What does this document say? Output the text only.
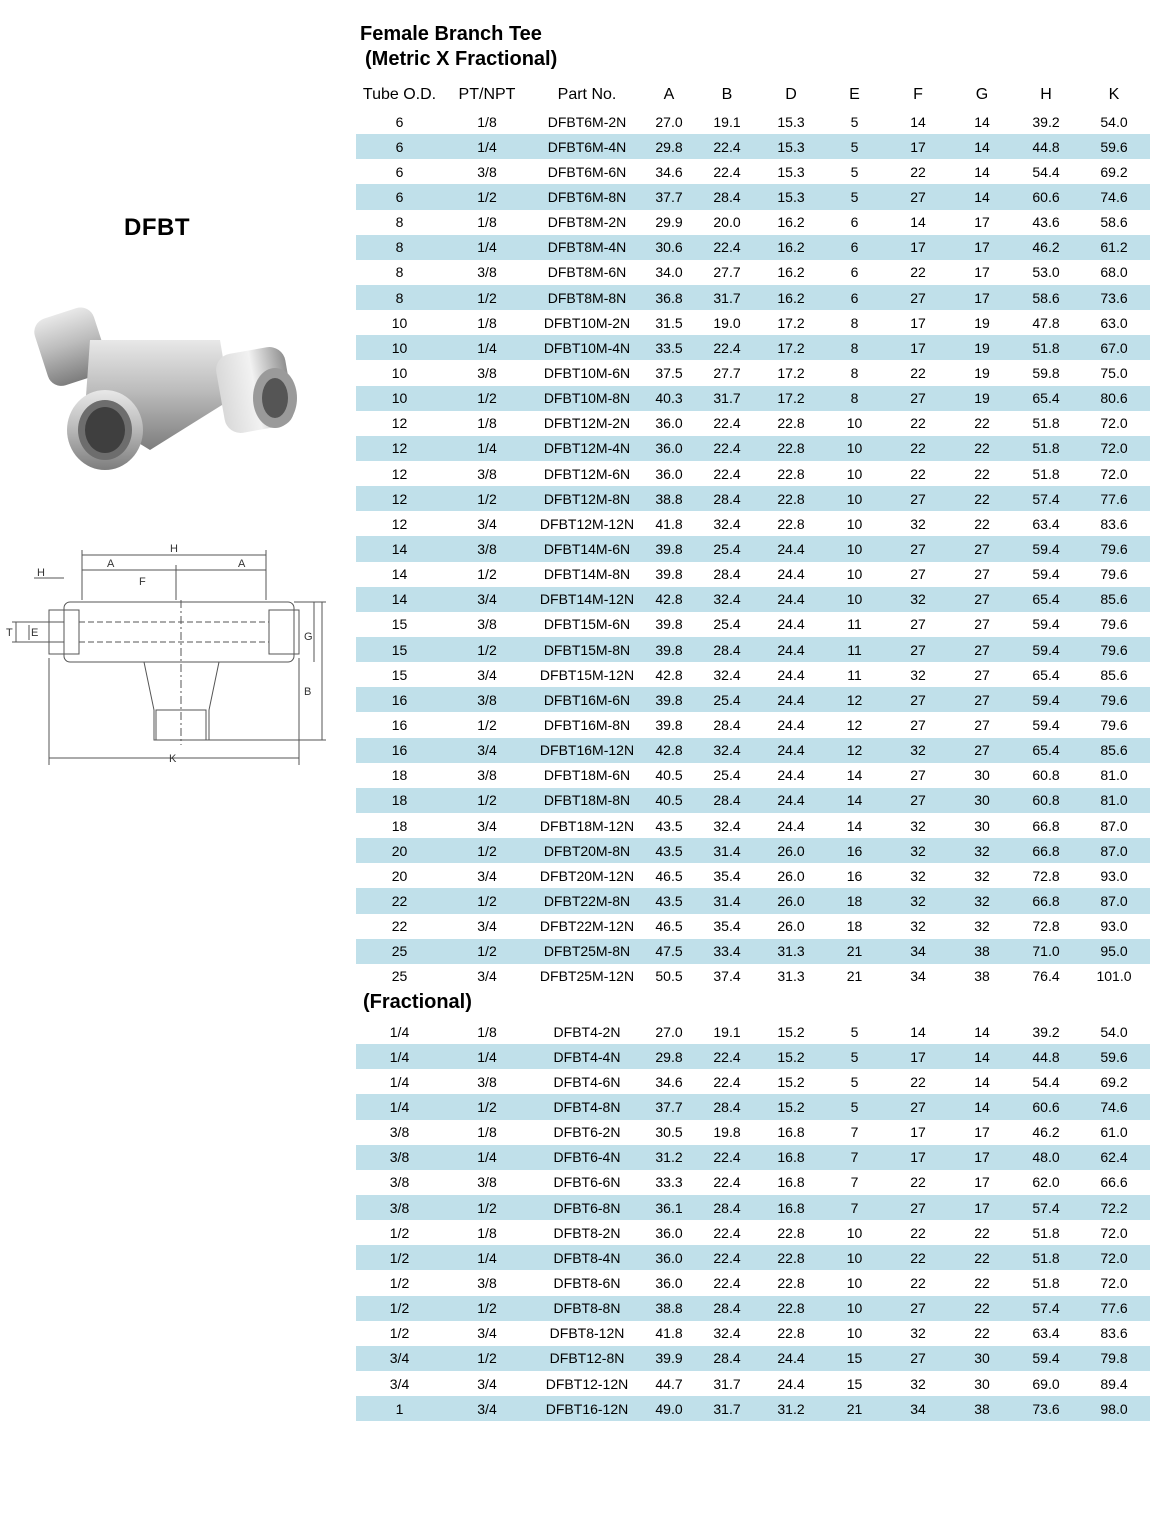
DFBT
H
A	A
F
H
T E	G
B
K
Female Branch Tee
(Metric X Fractional)
Tube O.D.	PT/NPT	Part No.	A	B	D	E	F	G	H	K
6	1/8	DFBT6M-2N	27.0	19.1	15.3	5	14	14	39.2	54.0
6	1/4	DFBT6M-4N	29.8	22.4	15.3	5	17	14	44.8	59.6
6	3/8	DFBT6M-6N	34.6	22.4	15.3	5	22	14	54.4	69.2
6	1/2	DFBT6M-8N	37.7	28.4	15.3	5	27	14	60.6	74.6
8	1/8	DFBT8M-2N	29.9	20.0	16.2	6	14	17	43.6	58.6
8	1/4	DFBT8M-4N	30.6	22.4	16.2	6	17	17	46.2	61.2
8	3/8	DFBT8M-6N	34.0	27.7	16.2	6	22	17	53.0	68.0
8	1/2	DFBT8M-8N	36.8	31.7	16.2	6	27	17	58.6	73.6
10	1/8	DFBT10M-2N	31.5	19.0	17.2	8	17	19	47.8	63.0
10	1/4	DFBT10M-4N	33.5	22.4	17.2	8	17	19	51.8	67.0
10	3/8	DFBT10M-6N	37.5	27.7	17.2	8	22	19	59.8	75.0
10	1/2	DFBT10M-8N	40.3	31.7	17.2	8	27	19	65.4	80.6
12	1/8	DFBT12M-2N	36.0	22.4	22.8	10	22	22	51.8	72.0
12	1/4	DFBT12M-4N	36.0	22.4	22.8	10	22	22	51.8	72.0
12	3/8	DFBT12M-6N	36.0	22.4	22.8	10	22	22	51.8	72.0
12	1/2	DFBT12M-8N	38.8	28.4	22.8	10	27	22	57.4	77.6
12	3/4	DFBT12M-12N	41.8	32.4	22.8	10	32	22	63.4	83.6
14	3/8	DFBT14M-6N	39.8	25.4	24.4	10	27	27	59.4	79.6
14	1/2	DFBT14M-8N	39.8	28.4	24.4	10	27	27	59.4	79.6
14	3/4	DFBT14M-12N	42.8	32.4	24.4	10	32	27	65.4	85.6
15	3/8	DFBT15M-6N	39.8	25.4	24.4	11	27	27	59.4	79.6
15	1/2	DFBT15M-8N	39.8	28.4	24.4	11	27	27	59.4	79.6
15	3/4	DFBT15M-12N	42.8	32.4	24.4	11	32	27	65.4	85.6
16	3/8	DFBT16M-6N	39.8	25.4	24.4	12	27	27	59.4	79.6
16	1/2	DFBT16M-8N	39.8	28.4	24.4	12	27	27	59.4	79.6
16	3/4	DFBT16M-12N	42.8	32.4	24.4	12	32	27	65.4	85.6
18	3/8	DFBT18M-6N	40.5	25.4	24.4	14	27	30	60.8	81.0
18	1/2	DFBT18M-8N	40.5	28.4	24.4	14	27	30	60.8	81.0
18	3/4	DFBT18M-12N	43.5	32.4	24.4	14	32	30	66.8	87.0
20	1/2	DFBT20M-8N	43.5	31.4	26.0	16	32	32	66.8	87.0
20	3/4	DFBT20M-12N	46.5	35.4	26.0	16	32	32	72.8	93.0
22	1/2	DFBT22M-8N	43.5	31.4	26.0	18	32	32	66.8	87.0
22	3/4	DFBT22M-12N	46.5	35.4	26.0	18	32	32	72.8	93.0
25	1/2	DFBT25M-8N	47.5	33.4	31.3	21	34	38	71.0	95.0
25	3/4	DFBT25M-12N	50.5	37.4	31.3	21	34	38	76.4	101.0
(Fractional)
1/4	1/8	DFBT4-2N	27.0	19.1	15.2	5	14	14	39.2	54.0
1/4	1/4	DFBT4-4N	29.8	22.4	15.2	5	17	14	44.8	59.6
1/4	3/8	DFBT4-6N	34.6	22.4	15.2	5	22	14	54.4	69.2
1/4	1/2	DFBT4-8N	37.7	28.4	15.2	5	27	14	60.6	74.6
3/8	1/8	DFBT6-2N	30.5	19.8	16.8	7	17	17	46.2	61.0
3/8	1/4	DFBT6-4N	31.2	22.4	16.8	7	17	17	48.0	62.4
3/8	3/8	DFBT6-6N	33.3	22.4	16.8	7	22	17	62.0	66.6
3/8	1/2	DFBT6-8N	36.1	28.4	16.8	7	27	17	57.4	72.2
1/2	1/8	DFBT8-2N	36.0	22.4	22.8	10	22	22	51.8	72.0
1/2	1/4	DFBT8-4N	36.0	22.4	22.8	10	22	22	51.8	72.0
1/2	3/8	DFBT8-6N	36.0	22.4	22.8	10	22	22	51.8	72.0
1/2	1/2	DFBT8-8N	38.8	28.4	22.8	10	27	22	57.4	77.6
1/2	3/4	DFBT8-12N	41.8	32.4	22.8	10	32	22	63.4	83.6
3/4	1/2	DFBT12-8N	39.9	28.4	24.4	15	27	30	59.4	79.8
3/4	3/4	DFBT12-12N	44.7	31.7	24.4	15	32	30	69.0	89.4
1	3/4	DFBT16-12N	49.0	31.7	31.2	21	34	38	73.6	98.0
